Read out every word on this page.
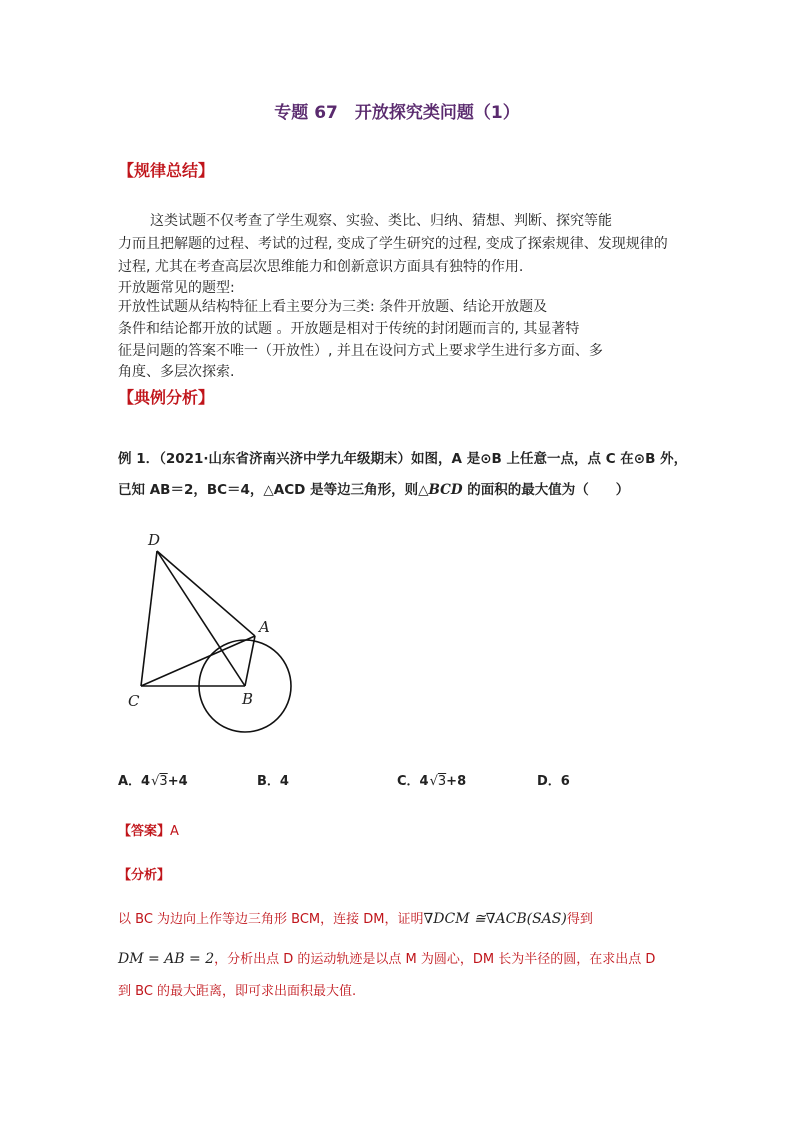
专题 67　开放探究类问题（1）
【规律总结】
这类试题不仅考查了学生观察、实验、类比、归纳、猜想、判断、探究等能
力而且把解题的过程、考试的过程, 变成了学生研究的过程, 变成了探索规律、发现规律的
过程, 尤其在考查高层次思维能力和创新意识方面具有独特的作用.
开放题常见的题型:
开放性试题从结构特征上看主要分为三类: 条件开放题、结论开放题及
条件和结论都开放的试题 。开放题是相对于传统的封闭题而言的, 其显著特
征是问题的答案不唯一（开放性）, 并且在设问方式上要求学生进行多方面、多
角度、多层次探索.
【典例分析】
例 1．（2021·山东省济南兴济中学九年级期末）如图，A 是⊙B 上任意一点，点 C 在⊙B 外，
已知 AB＝2，BC＝4，△ACD 是等边三角形，则△BCD 的面积的最大值为（　　）
D
A
C	B
A．4√3+4	B．4	C．4√3+8	D．6
【答案】A
【分析】
以 BC 为边向上作等边三角形 BCM，连接 DM，证明∇DCM ≅∇ACB(SAS)得到
DM = AB = 2，分析出点 D 的运动轨迹是以点 M 为圆心，DM 长为半径的圆，在求出点 D
到 BC 的最大距离，即可求出面积最大值.
